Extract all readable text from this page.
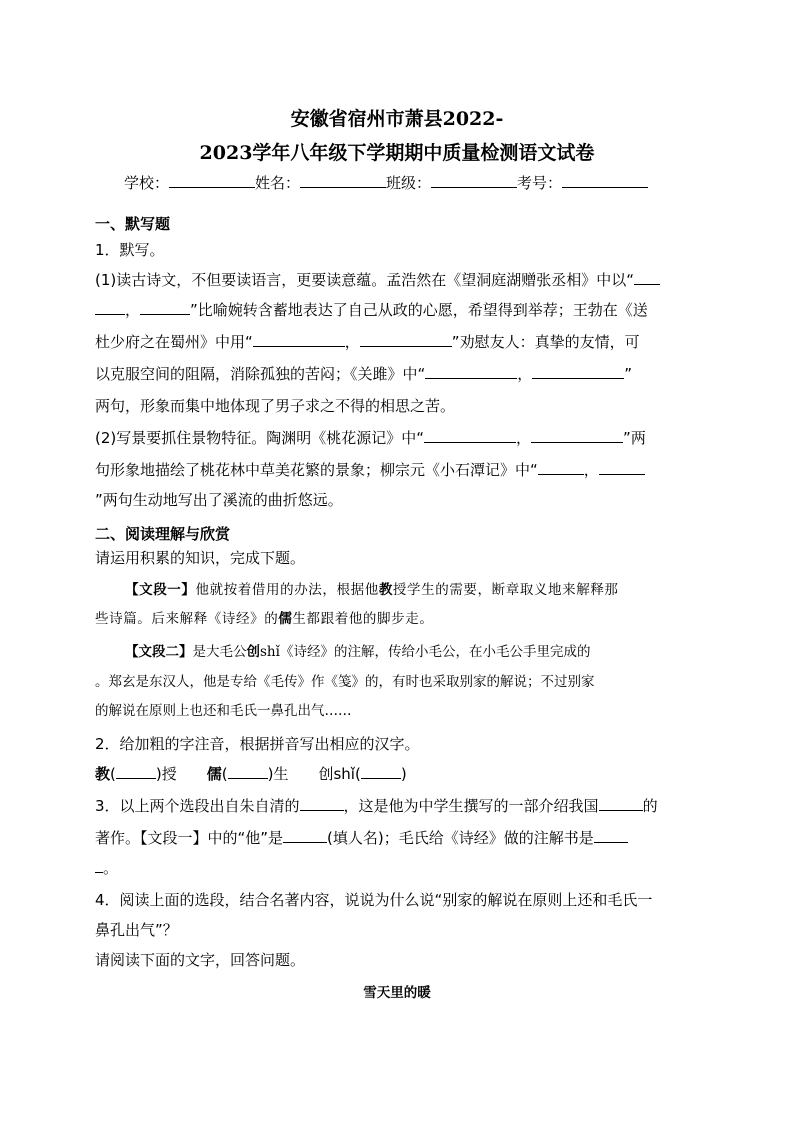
安徽省宿州市萧县2022-
2023学年八年级下学期期中质量检测语文试卷
学校：	姓名：	班级：	考号：
一、默写题
1．默写。
(1)读古诗文，不但要读语言，更要读意蕴。孟浩然在《望洞庭湖赠张丞相》中以“
，	”比喻婉转含蓄地表达了自己从政的心愿，希望得到举荐；王勃在《送
杜少府之在蜀州》中用“	，	”劝慰友人：真挚的友情，可
以克服空间的阻隔，消除孤独的苦闷；《关雎》中“	，	”
两句，形象而集中地体现了男子求之不得的相思之苦。
(2)写景要抓住景物特征。陶渊明《桃花源记》中“	，	”两
句形象地描绘了桃花林中草美花繁的景象；柳宗元《小石潭记》中“	，
”两句生动地写出了溪流的曲折悠远。
二、阅读理解与欣赏
请运用积累的知识，完成下题。
【文段一】他就按着借用的办法，根据他教授学生的需要，断章取义地来解释那
些诗篇。后来解释《诗经》的儒生都跟着他的脚步走。
【文段二】是大毛公创shǐ《诗经》的注解，传给小毛公，在小毛公手里完成的
。郑玄是东汉人，他是专给《毛传》作《笺》的，有时也采取别家的解说；不过别家
的解说在原则上也还和毛氏一鼻孔出气……
2．给加粗的字注音，根据拼音写出相应的汉字。
教(	)授 儒(	)生 创shǐ(	)
3．以上两个选段出自朱自清的	，这是他为中学生撰写的一部介绍我国	的
著作。【文段一】中的“他”是	(填人名)；毛氏给《诗经》做的注解书是
。
4．阅读上面的选段，结合名著内容，说说为什么说“别家的解说在原则上还和毛氏一
鼻孔出气”？
请阅读下面的文字，回答问题。
雪天里的暖
